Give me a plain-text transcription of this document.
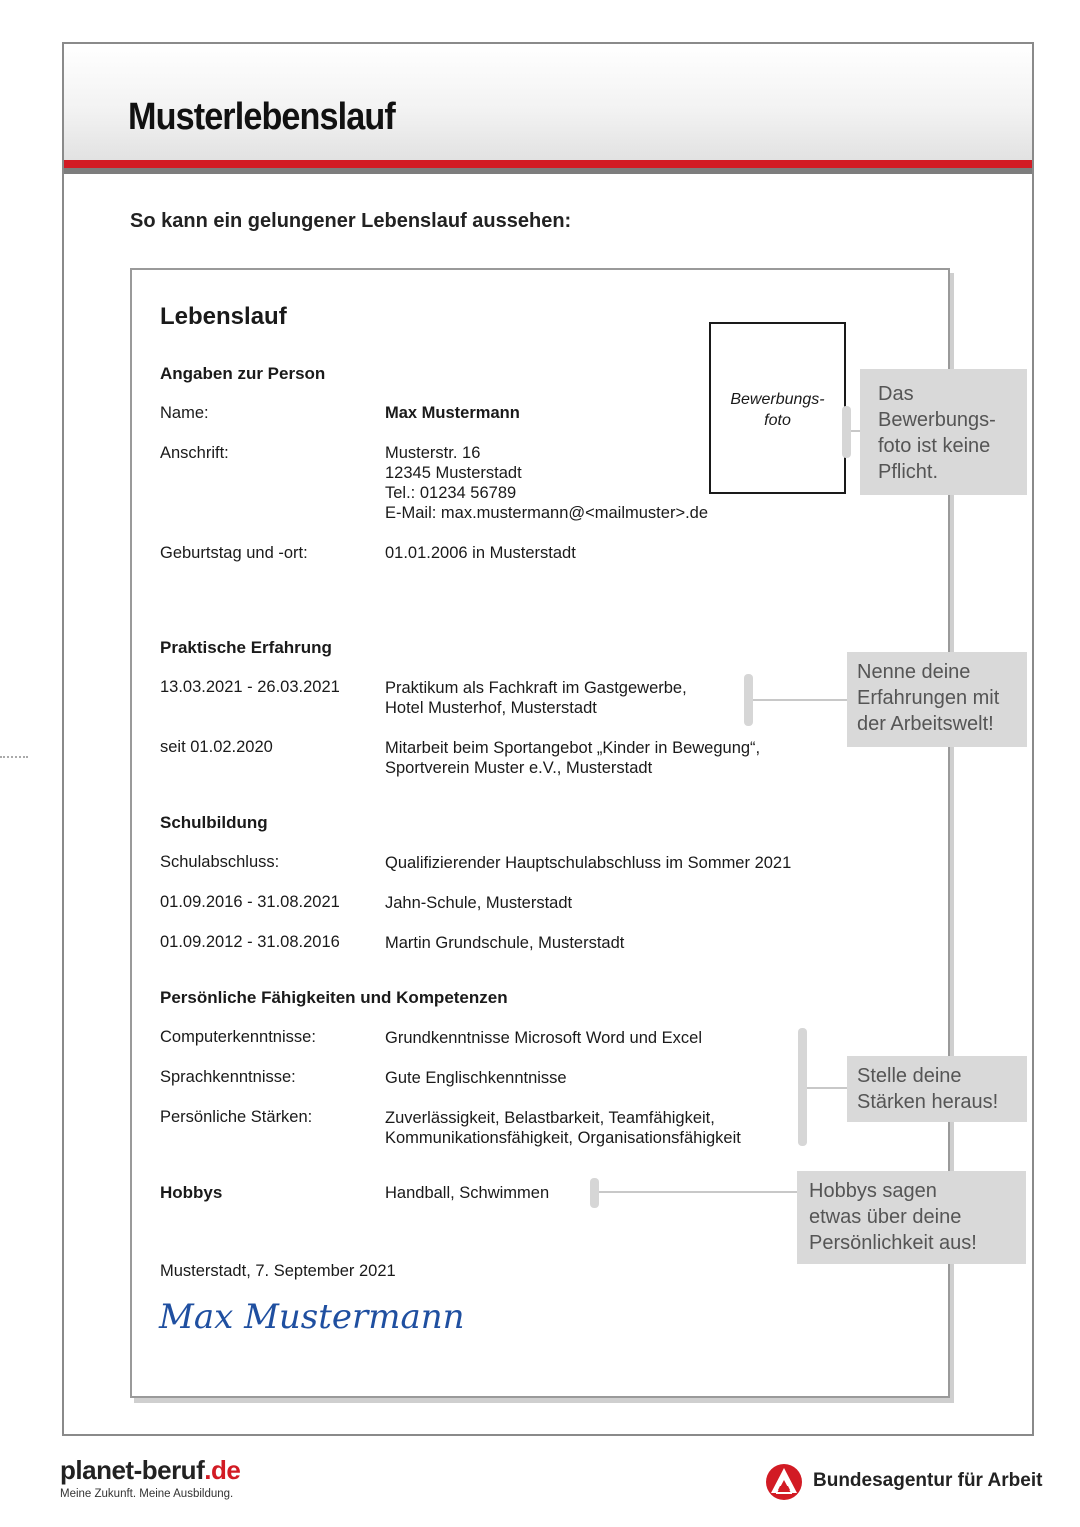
Musterlebenslauf
So kann ein gelungener Lebenslauf aussehen:
Lebenslauf
Angaben zur Person
Name:	Max Mustermann
Anschrift:	Musterstr. 16
12345 Musterstadt
Tel.: 01234 56789
E-Mail: max.mustermann@<mailmuster>.de
Geburtstag und -ort:	01.01.2006 in Musterstadt
Bewerbungs-
foto
Praktische Erfahrung
13.03.2021 - 26.03.2021	Praktikum als Fachkraft im Gastgewerbe,
Hotel Musterhof, Musterstadt
seit 01.02.2020	Mitarbeit beim Sportangebot „Kinder in Bewegung“,
Sportverein Muster e.V., Musterstadt
Schulbildung
Schulabschluss:	Qualifizierender Hauptschulabschluss im Sommer 2021
01.09.2016 - 31.08.2021	Jahn-Schule, Musterstadt
01.09.2012 - 31.08.2016	Martin Grundschule, Musterstadt
Persönliche Fähigkeiten und Kompetenzen
Computerkenntnisse:	Grundkenntnisse Microsoft Word und Excel
Sprachkenntnisse:	Gute Englischkenntnisse
Persönliche Stärken:	Zuverlässigkeit, Belastbarkeit, Teamfähigkeit,
Kommunikationsfähigkeit, Organisationsfähigkeit
Hobbys	Handball, Schwimmen
Musterstadt, 7. September 2021
Max Mustermann
Das
Bewerbungs-
foto ist keine
Pflicht.
Nenne deine
Erfahrungen mit
der Arbeitswelt!
Stelle deine
Stärken heraus!
Hobbys sagen
etwas über deine
Persönlichkeit aus!
planet-beruf.de
Meine Zukunft. Meine Ausbildung.
Bundesagentur für Arbeit
